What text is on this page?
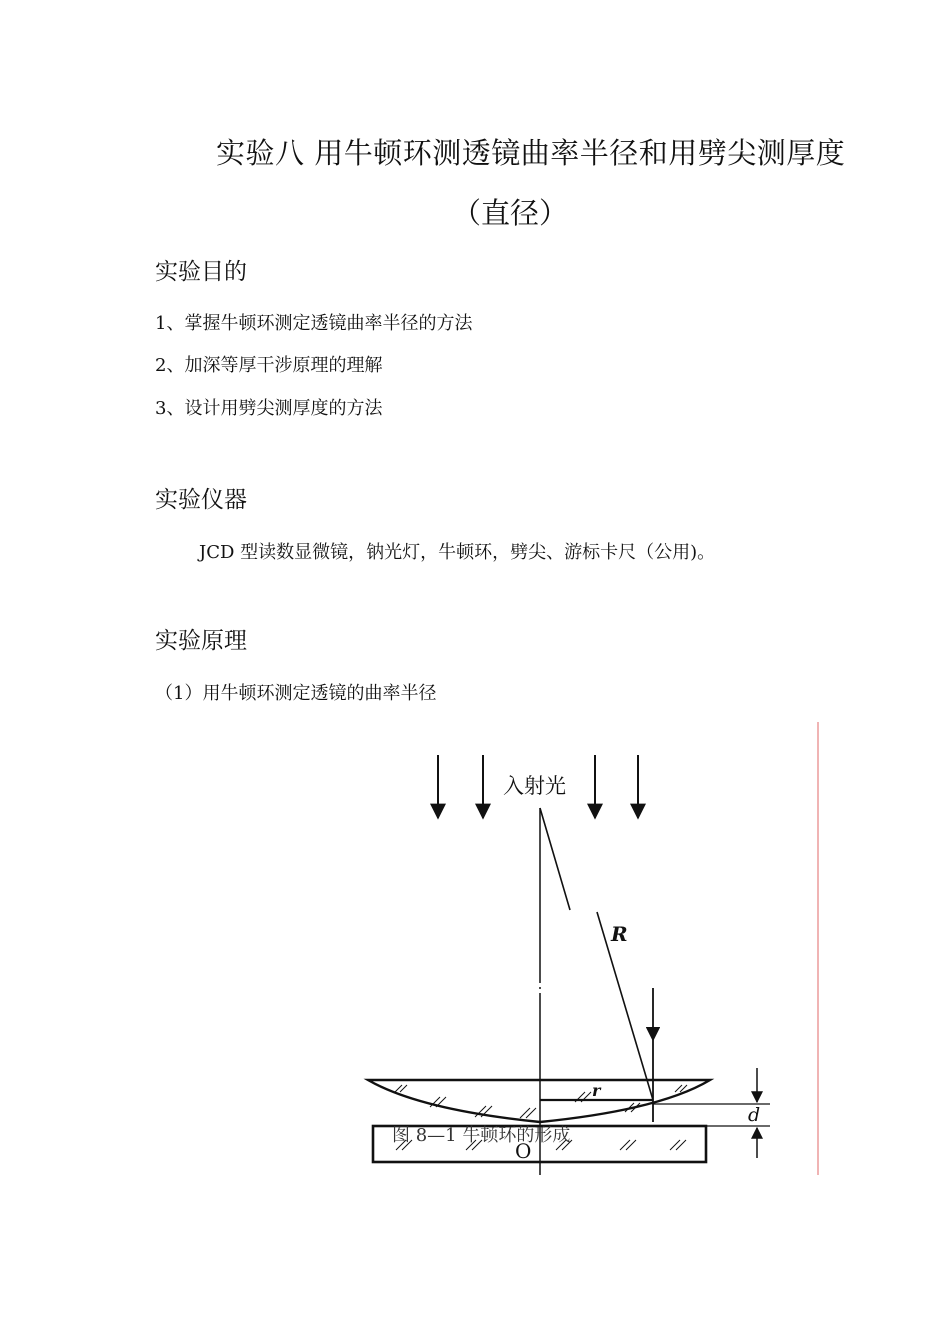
实验八 用牛顿环测透镜曲率半径和用劈尖测厚度
（直径）
实验目的
1、掌握牛顿环测定透镜曲率半径的方法
2、加深等厚干涉原理的理解
3、设计用劈尖测厚度的方法
实验仪器
JCD 型读数显微镜，钠光灯，牛顿环，劈尖、游标卡尺（公用)。
实验原理
（1）用牛顿环测定透镜的曲率半径
入射光
R
r
O
d
图 8—1 牛顿环的形成
